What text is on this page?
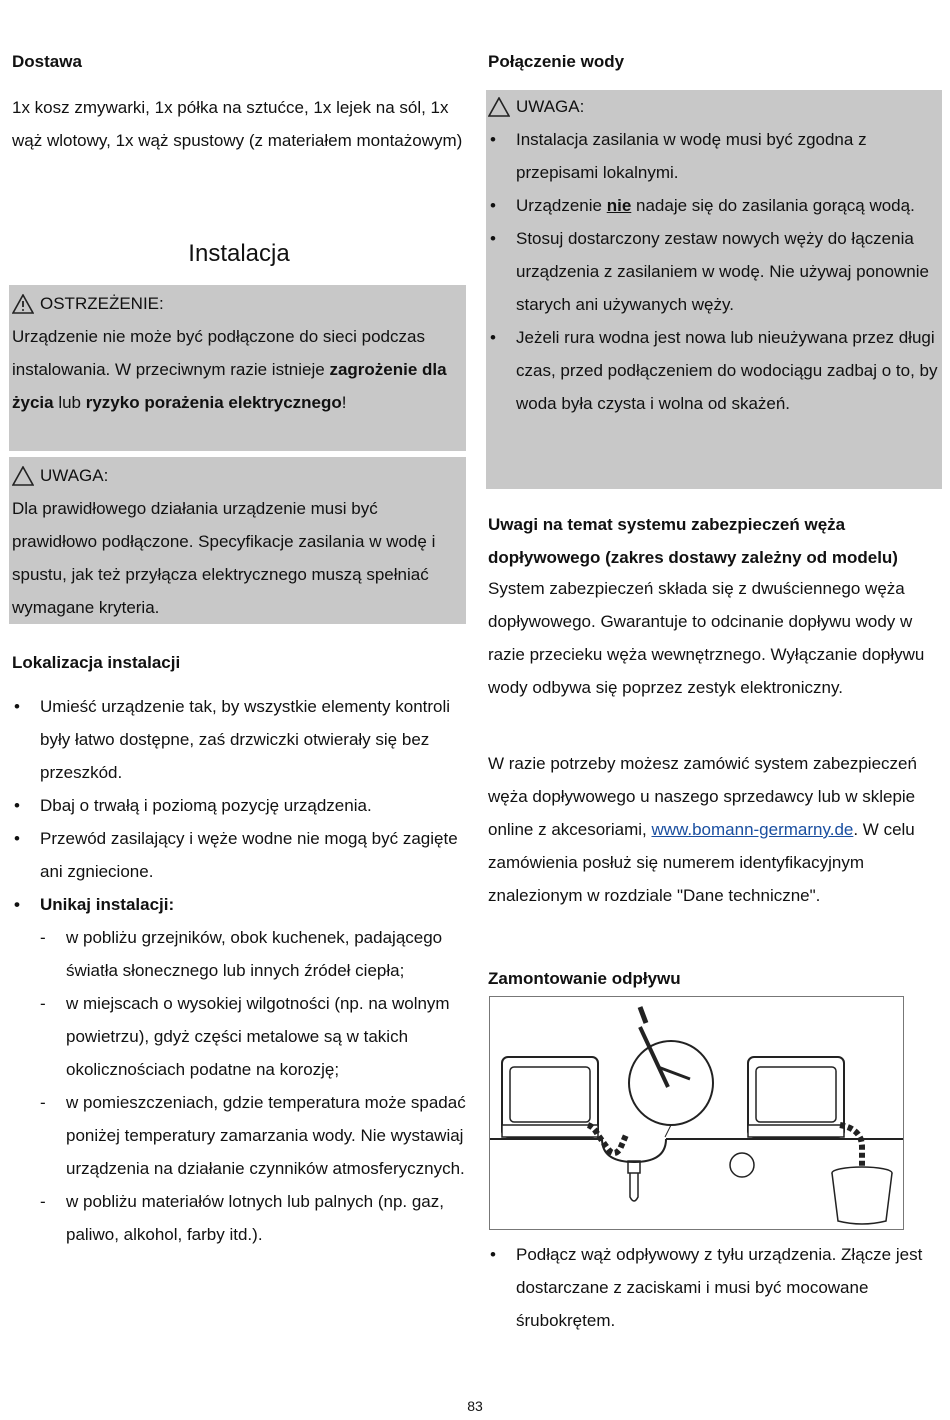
Dostawa
1x kosz zmywarki, 1x półka na sztućce, 1x lejek na sól, 1x wąż wlotowy, 1x wąż spustowy (z materiałem montażowym)
Instalacja
OSTRZEŻENIE:
Urządzenie nie może być podłączone do sieci podczas instalowania. W przeciwnym razie istnieje zagrożenie dla życia lub ryzyko porażenia elektrycznego!
UWAGA:
Dla prawidłowego działania urządzenie musi być prawidłowo podłączone. Specyfikacje zasilania w wodę i spustu, jak też przyłącza elektrycznego muszą spełniać wymagane kryteria.
Lokalizacja instalacji
• Umieść urządzenie tak, by wszystkie elementy kontroli były łatwo dostępne, zaś drzwiczki otwierały się bez przeszkód.
• Dbaj o trwałą i poziomą pozycję urządzenia.
• Przewód zasilający i węże wodne nie mogą być zagięte ani zgniecione.
• Unikaj instalacji:
- w pobliżu grzejników, obok kuchenek, padającego światła słonecznego lub innych źródeł ciepła;
- w miejscach o wysokiej wilgotności (np. na wolnym powietrzu), gdyż części metalowe są w takich okolicznościach podatne na korozję;
- w pomieszczeniach, gdzie temperatura może spadać poniżej temperatury zamarzania wody. Nie wystawiaj urządzenia na działanie czynników atmosferycznych.
- w pobliżu materiałów lotnych lub palnych (np. gaz, paliwo, alkohol, farby itd.).
Połączenie wody
UWAGA:
• Instalacja zasilania w wodę musi być zgodna z przepisami lokalnymi.
• Urządzenie nie nadaje się do zasilania gorącą wodą.
• Stosuj dostarczony zestaw nowych węży do łączenia urządzenia z zasilaniem w wodę. Nie używaj ponownie starych ani używanych węży.
• Jeżeli rura wodna jest nowa lub nieużywana przez długi czas, przed podłączeniem do wodociągu zadbaj o to, by woda była czysta i wolna od skażeń.
Uwagi na temat systemu zabezpieczeń węża dopływowego (zakres dostawy zależny od modelu)
System zabezpieczeń składa się z dwuściennego węża dopływowego. Gwarantuje to odcinanie dopływu wody w razie przecieku węża wewnętrznego. Wyłączanie dopływu wody odbywa się poprzez zestyk elektroniczny.
W razie potrzeby możesz zamówić system zabezpieczeń węża dopływowego u naszego sprzedawcy lub w sklepie online z akcesoriami, www.bomann-germarny.de. W celu zamówienia posłuż się numerem identyfikacyjnym znalezionym w rozdziale "Dane techniczne".
Zamontowanie odpływu
• Podłącz wąż odpływowy z tyłu urządzenia. Złącze jest dostarczane z zaciskami i musi być mocowane śrubokrętem.
83
